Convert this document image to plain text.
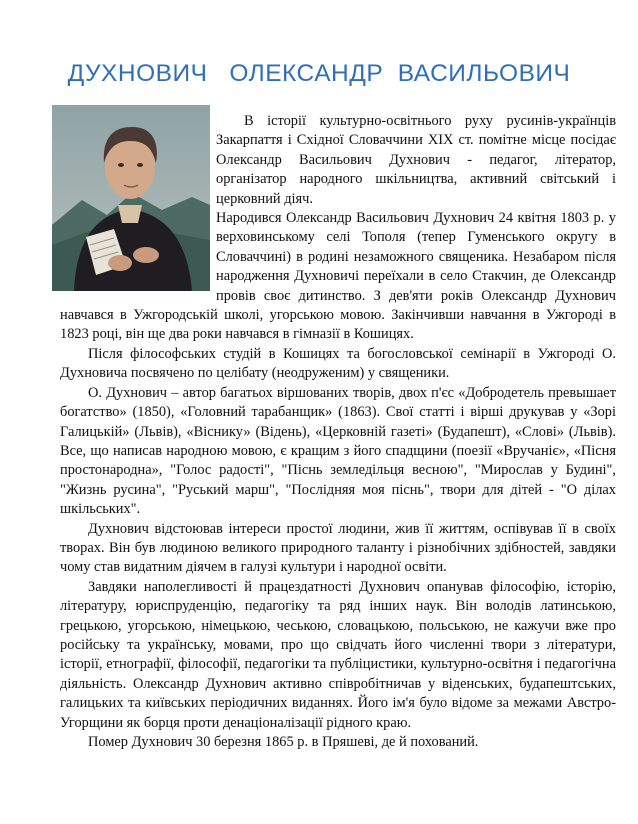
ДУХНОВИЧ   ОЛЕКСАНДР  ВАСИЛЬОВИЧ

В історії культурно-освітнього руху русинів-українців Закарпаття і Східної Словаччини XIX ст. помітне місце посідає Олександр Васильович Духнович - педагог, літератор, організатор народного шкільництва, активний світський і церковний діяч.

Народився Олександр Васильович Духнович 24 квітня 1803 р. у верховинському селі Тополя (тепер Гуменського округу в Словаччині) в родині незаможного священика. Незабаром після народження Духновичі переїхали в село Стакчин, де Олександр провів своє дитинство. З дев'яти років Олександр Духнович навчався в Ужгородській школі, угорською мовою. Закінчивши навчання в Ужгороді в 1823 році, він ще два роки навчався в гімназії в Кошицях.

Після філософських студій в Кошицях та богословської семінарії в Ужгороді О. Духновича посвячено по целібату (неодруженим) у священики.

О. Духнович – автор багатьох віршованих творів, двох п'єс «Добродетель превышает богатство» (1850), «Головний тарабанщик» (1863). Свої статті і вірші друкував у «Зорі Галицькій» (Львів), «Віснику» (Відень), «Церковній газеті» (Будапешт), «Слові» (Львів). Все, що написав народною мовою, є кращим з його спадщини (поезії «Вручаніє», «Пісня простонародна», "Голос радості", "Піснь земледільця весною", "Мирослав у Будині", "Жизнь русина", "Руський марш", "Послідняя моя піснь", твори для дітей - "О ділах шкільських".

Духнович відстоював інтереси простої людини, жив її життям, оспівував її в своїх творах. Він був людиною великого природного таланту і різнобічних здібностей, завдяки чому став видатним діячем в галузі культури і народної освіти.

Завдяки наполегливості й працездатності Духнович опанував філософію, історію, літературу, юриспруденцію, педагогіку та ряд інших наук. Він володів латинською, грецькою, угорською, німецькою, чеською, словацькою, польською, не кажучи вже про російську та українську, мовами, про що свідчать його численні твори з літератури, історії, етнографії, філософії, педагогіки та публіцистики, культурно-освітня і педагогічна діяльність. Олександр Духнович активно співробітничав у віденських, будапештських, галицьких та київських періодичних виданнях. Його ім'я було відоме за межами Австро-Угорщини як борця проти денаціоналізації рідного краю.

Помер Духнович 30 березня 1865 р. в Пряшеві, де й похований.
